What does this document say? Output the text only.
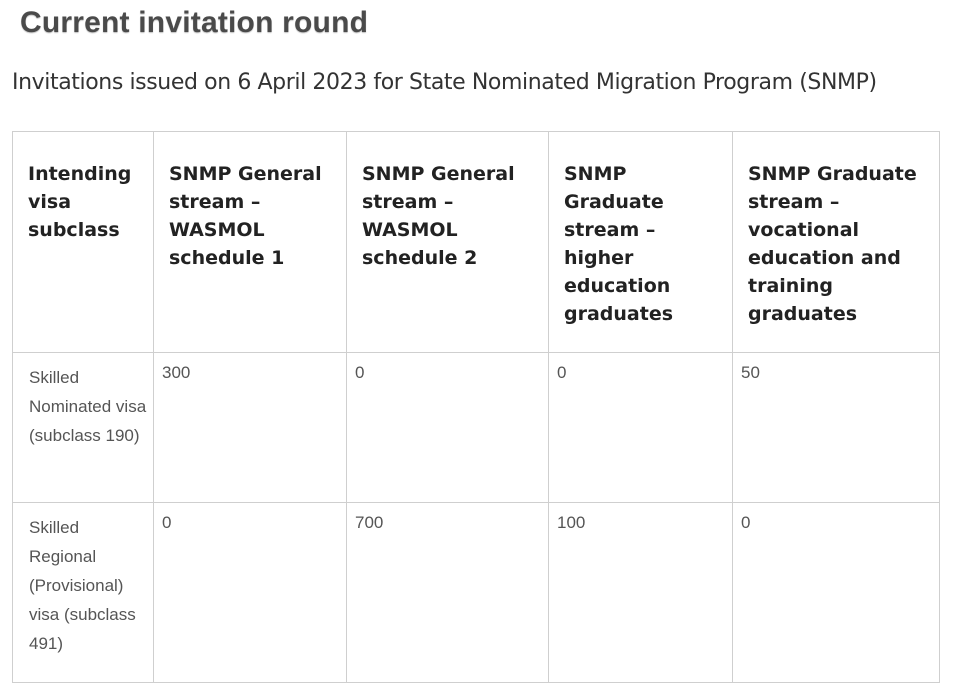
Current invitation round

Invitations issued on 6 April 2023 for State Nominated Migration Program (SNMP)

Intending visa subclass	SNMP General stream – WASMOL schedule 1	SNMP General stream –WASMOL schedule 2	SNMP Graduate stream – higher education graduates	SNMP Graduate stream – vocational education and training graduates
Skilled Nominated visa (subclass 190)	300	0	0	50
Skilled Regional (Provisional) visa (subclass 491)	0	700	100	0
